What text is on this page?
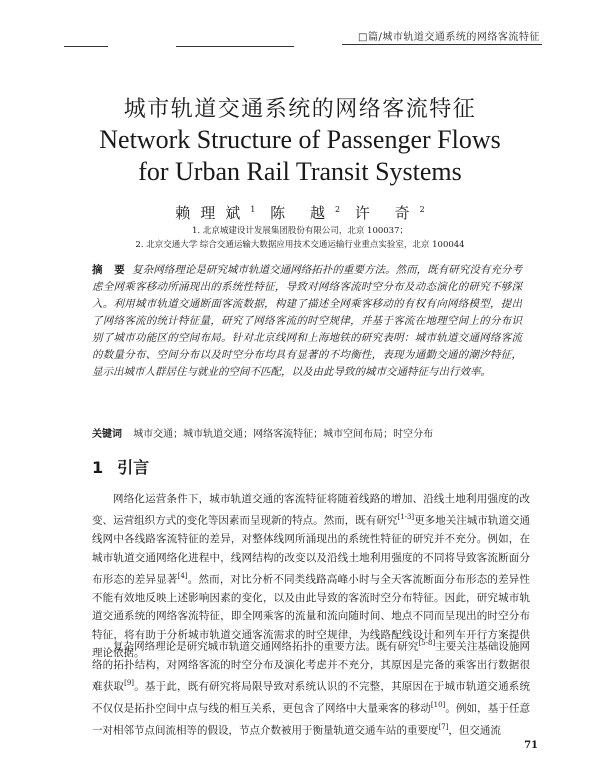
□篇/城市轨道交通系统的网络客流特征
城市轨道交通系统的网络客流特征
Network Structure of Passenger Flows
for Urban Rail Transit Systems
赖理斌$^1$ 陈 越$^2$ 许 奇$^2$
1. 北京城建设计发展集团股份有限公司，北京 100037；
2. 北京交通大学 综合交通运输大数据应用技术交通运输行业重点实验室，北京 100044
摘 要 复杂网络理论是研究城市轨道交通网络拓扑的重要方法。然而，既有研究没有充分考虑全网乘客移动所涌现出的系统性特征，导致对网络客流时空分布及动态演化的研究不够深入。利用城市轨道交通断面客流数据，构建了描述全网乘客移动的有权有向网络模型，提出了网络客流的统计特征量，研究了网络客流的时空规律，并基于客流在地理空间上的分布识别了城市功能区的空间布局。针对北京线网和上海地铁的研究表明：城市轨道交通网络客流的数量分布、空间分布以及时空分布均具有显著的不均衡性，表现为通勤交通的潮汐特征，显示出城市人群居住与就业的空间不匹配，以及由此导致的城市交通特征与出行效率。
关键词 城市交通；城市轨道交通；网络客流特征；城市空间布局；时空分布
1 引言
网络化运营条件下，城市轨道交通的客流特征将随着线路的增加、沿线土地利用强度的改变、运营组织方式的变化等因素而呈现新的特点。然而，既有研究[1-3]更多地关注城市轨道交通线网中各线路客流特征的差异，对整体线网所涌现出的系统性特征的研究并不充分。例如，在城市轨道交通网络化进程中，线网结构的改变以及沿线土地利用强度的不同将导致客流断面分布形态的差异显著[4]。然而，对比分析不同类线路高峰小时与全天客流断面分布形态的差异性不能有效地反映上述影响因素的变化，以及由此导致的客流时空分布特征。因此，研究城市轨道交通系统的网络客流特征，即全网乘客的流量和流向随时间、地点不同而呈现出的时空分布特征，将有助于分析城市轨道交通客流需求的时空规律，为线路配线设计和列车开行方案提供理论依据。
复杂网络理论是研究城市轨道交通网络拓扑的重要方法。既有研究[5-8]主要关注基础设施网络的拓扑结构，对网络客流的时空分布及演化考虑并不充分，其原因是完备的乘客出行数据很难获取[9]。基于此，既有研究将局限导致对系统认识的不完整，其原因在于城市轨道交通系统不仅仅是拓扑空间中点与线的相互关系，更包含了网络中大量乘客的移动[10]。例如，基于任意一对相邻节点间流相等的假设，节点介数被用于衡量轨道交通车站的重要度[7]，但交通流
71
